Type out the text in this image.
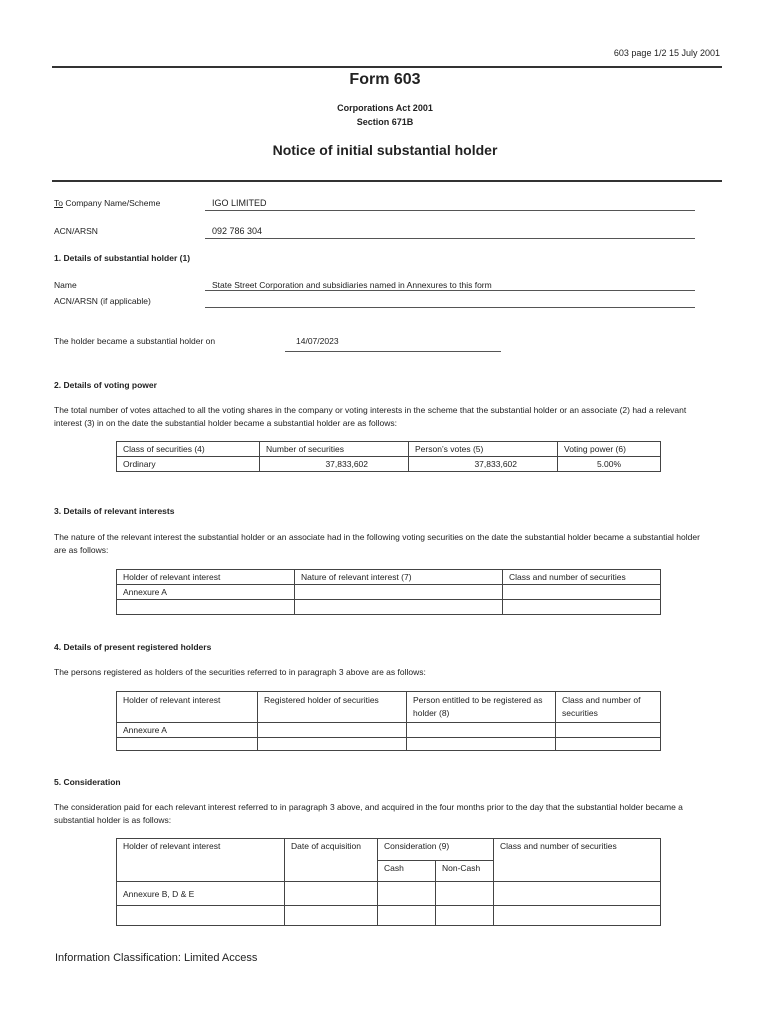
603 page 1/2 15 July 2001
Form 603
Corporations Act 2001
Section 671B
Notice of initial substantial holder
To Company Name/Scheme	IGO LIMITED
ACN/ARSN	092 786 304
1. Details of substantial holder (1)
Name	State Street Corporation and subsidiaries named in Annexures to this form
ACN/ARSN (if applicable)
The holder became a substantial holder on	14/07/2023
2. Details of voting power
The total number of votes attached to all the voting shares in the company or voting interests in the scheme that the substantial holder or an associate (2) had a relevant interest (3) in on the date the substantial holder became a substantial holder are as follows:
Class of securities (4)	Number of securities	Person’s votes (5)	Voting power (6)
Ordinary	37,833,602	37,833,602	5.00%
3. Details of relevant interests
The nature of the relevant interest the substantial holder or an associate had in the following voting securities on the date the substantial holder became a substantial holder are as follows:
Holder of relevant interest	Nature of relevant interest (7)	Class and number of securities
Annexure A		

4. Details of present registered holders
The persons registered as holders of the securities referred to in paragraph 3 above are as follows:
Holder of relevant interest	Registered holder of securities	Person entitled to be registered as holder (8)	Class and number of securities
Annexure A			

5. Consideration
The consideration paid for each relevant interest referred to in paragraph 3 above, and acquired in the four months prior to the day that the substantial holder became a substantial holder is as follows:
Holder of relevant interest	Date of acquisition	Consideration (9)		Class and number of securities
		Cash	Non-Cash	
Annexure B, D & E				

Information Classification: Limited Access
